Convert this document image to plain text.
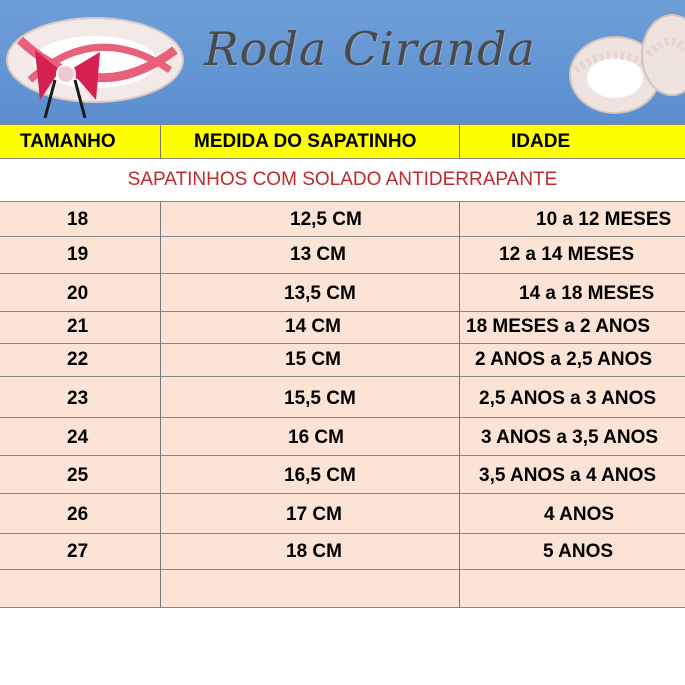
Roda Ciranda
TAMANHO	MEDIDA DO SAPATINHO	IDADE
SAPATINHOS COM SOLADO ANTIDERRAPANTE
18	12,5 CM	10 a 12 MESES
19	13 CM	12 a 14 MESES
20	13,5 CM	14 a 18 MESES
21	14 CM	18 MESES a 2 ANOS
22	15 CM	2 ANOS a 2,5 ANOS
23	15,5 CM	2,5 ANOS a 3 ANOS
24	16 CM	3 ANOS a 3,5 ANOS
25	16,5 CM	3,5 ANOS a 4 ANOS
26	17 CM	4 ANOS
27	18 CM	5 ANOS
